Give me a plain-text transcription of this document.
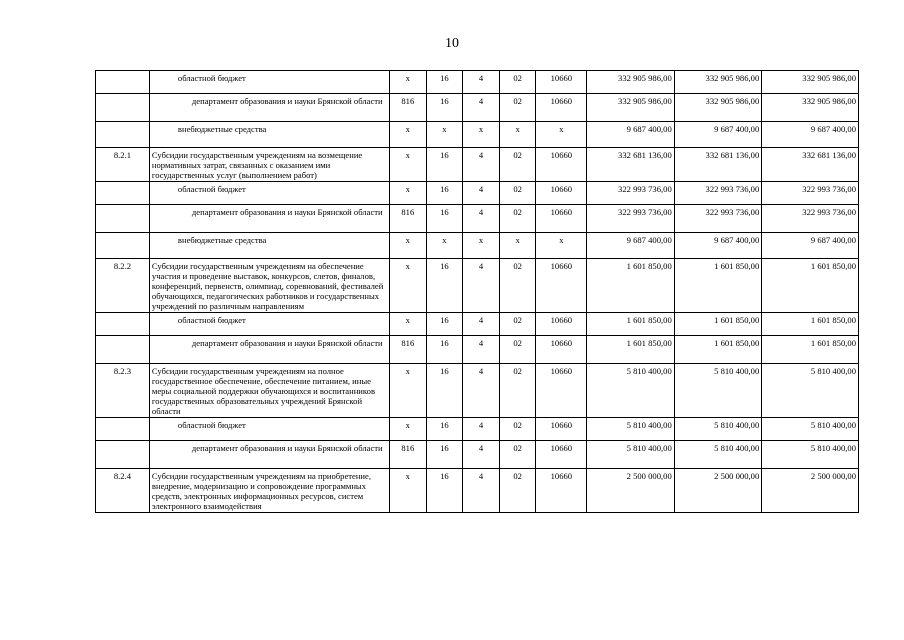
10

	областной бюджет	х	16	4	02	10660	332 905 986,00	332 905 986,00	332 905 986,00

	департамент образования и науки Брянской области	816	16	4	02	10660	332 905 986,00	332 905 986,00	332 905 986,00

	внебюджетные средства	х	х	х	х	х	9 687 400,00	9 687 400,00	9 687 400,00
8.2.1	Субсидии государственным учреждениям на возмещение нормативных затрат, связанных с оказанием ими государственных услуг (выполнением работ)	х	16	4	02	10660	332 681 136,00	332 681 136,00	332 681 136,00

	областной бюджет	х	16	4	02	10660	322 993 736,00	322 993 736,00	322 993 736,00

	департамент образования и науки Брянской области	816	16	4	02	10660	322 993 736,00	322 993 736,00	322 993 736,00

	внебюджетные средства	х	х	х	х	х	9 687 400,00	9 687 400,00	9 687 400,00
8.2.2	Субсидии государственным учреждениям на обеспечение участия и проведение выставок, конкурсов, слетов, финалов, конференций, первенств, олимпиад, соревнований, фестивалей обучающихся, педагогических работников и государственных учреждений по различным направлениям	х	16	4	02	10660	1 601 850,00	1 601 850,00	1 601 850,00

	областной бюджет	х	16	4	02	10660	1 601 850,00	1 601 850,00	1 601 850,00

	департамент образования и науки Брянской области	816	16	4	02	10660	1 601 850,00	1 601 850,00	1 601 850,00
8.2.3	Субсидии государственным учреждениям на полное государственное обеспечение, обеспечение питанием, иные меры социальной поддержки обучающихся и воспитанников государственных образовательных учреждений Брянской области	х	16	4	02	10660	5 810 400,00	5 810 400,00	5 810 400,00

	областной бюджет	х	16	4	02	10660	5 810 400,00	5 810 400,00	5 810 400,00

	департамент образования и науки Брянской области	816	16	4	02	10660	5 810 400,00	5 810 400,00	5 810 400,00
8.2.4	Субсидии государственным учреждениям на приобретение, внедрение, модернизацию и сопровождение программных средств, электронных информационных ресурсов, систем электронного взаимодействия	х	16	4	02	10660	2 500 000,00	2 500 000,00	2 500 000,00
